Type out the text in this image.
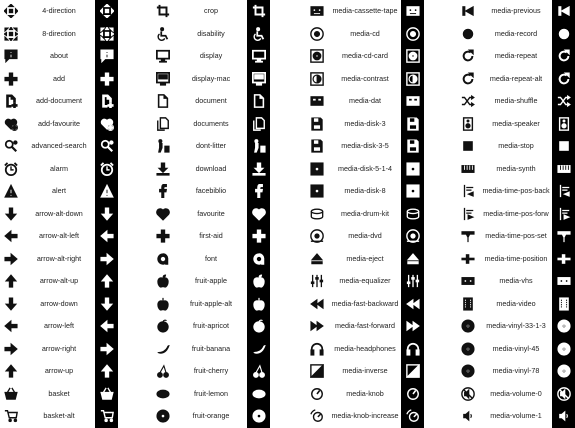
4-direction
8-direction
about
add
add-document
add-favourite
advanced-search
alarm
alert
arrow-alt-down
arrow-alt-left
arrow-alt-right
arrow-alt-up
arrow-down
arrow-left
arrow-right
arrow-up
basket
basket-alt
crop
disability
display
display-mac
document
documents
dont-litter
download
facebiblio
favourite
first-aid
font
fruit-apple
fruit-apple-alt
fruit-apricot
fruit-banana
fruit-cherry
fruit-lemon
fruit-orange
media-cassette-tape
media-cd
media-cd-card
media-contrast
media-dat
media-disk-3
media-disk-3-5
media-disk-5-1-4
media-disk-8
media-drum-kit
media-dvd
media-eject
media-equalizer
media-fast-backward
media-fast-forward
media-headphones
media-inverse
media-knob
media-knob-increase
media-previous
media-record
media-repeat
media-repeat-alt
media-shuffle
media-speaker
media-stop
media-synth
media-time-pos-back
media-time-pos-forw
media-time-pos-set
media-time-position
media-vhs
media-video
media-vinyl-33-1-3
media-vinyl-45
media-vinyl-78
media-volume-0
media-volume-1
